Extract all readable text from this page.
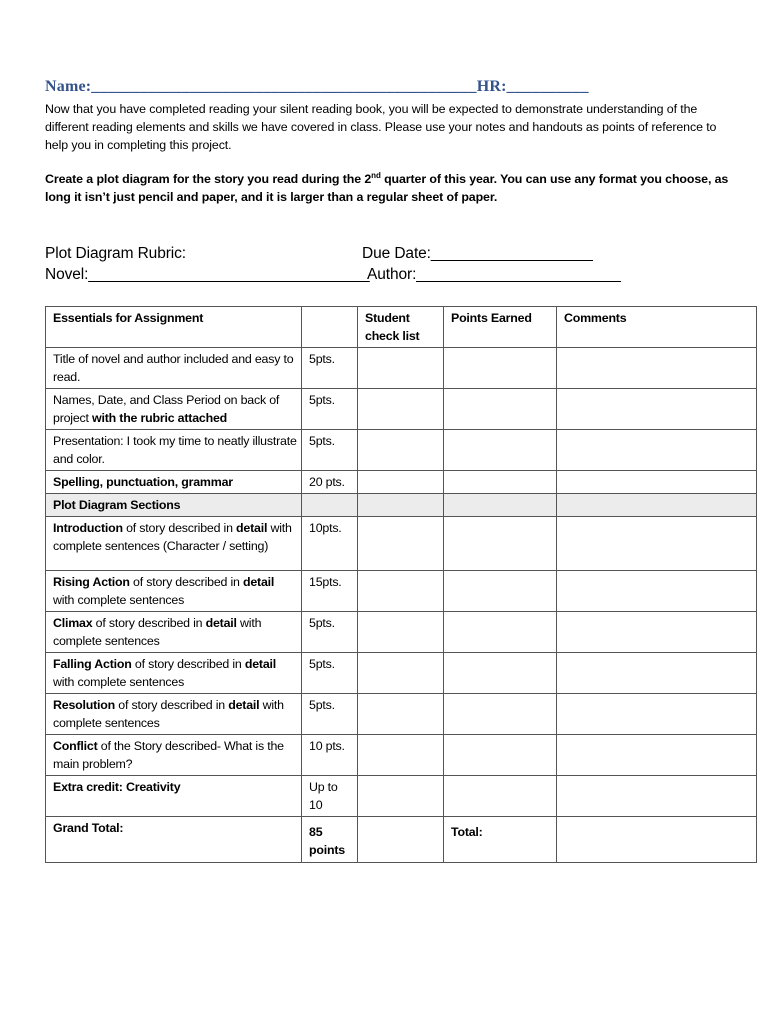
Name:_______________________________________________HR:__________

Now that you have completed reading your silent reading book, you will be expected to demonstrate understanding of the different reading elements and skills we have covered in class. Please use your notes and handouts as points of reference to help you in completing this project.

Create a plot diagram for the story you read during the 2nd quarter of this year. You can use any format you choose, as long it isn’t just pencil and paper, and it is larger than a regular sheet of paper.

Plot Diagram Rubric:	Due Date:___________________
Novel:_________________________________
Author:________________________
Essentials for Assignment		Student check list	Points Earned	Comments
Title of novel and author included and easy to read.	5pts.			
Names, Date, and Class Period on back of project with the rubric attached	5pts.			
Presentation: I took my time to neatly illustrate and color.	5pts.			
Spelling, punctuation, grammar	20 pts.			
Plot Diagram Sections				
Introduction of story described in detail with complete sentences (Character / setting)	10pts.			
Rising Action of story described in detail with complete sentences	15pts.			
Climax of story described in detail with complete sentences	5pts.			
Falling Action of story described in detail with complete sentences	5pts.			
Resolution of story described in detail with complete sentences	5pts.			
Conflict of the Story described- What is the main problem?	10 pts.			
Extra credit: Creativity	Up to 10			
Grand Total:	85 points		Total:	
